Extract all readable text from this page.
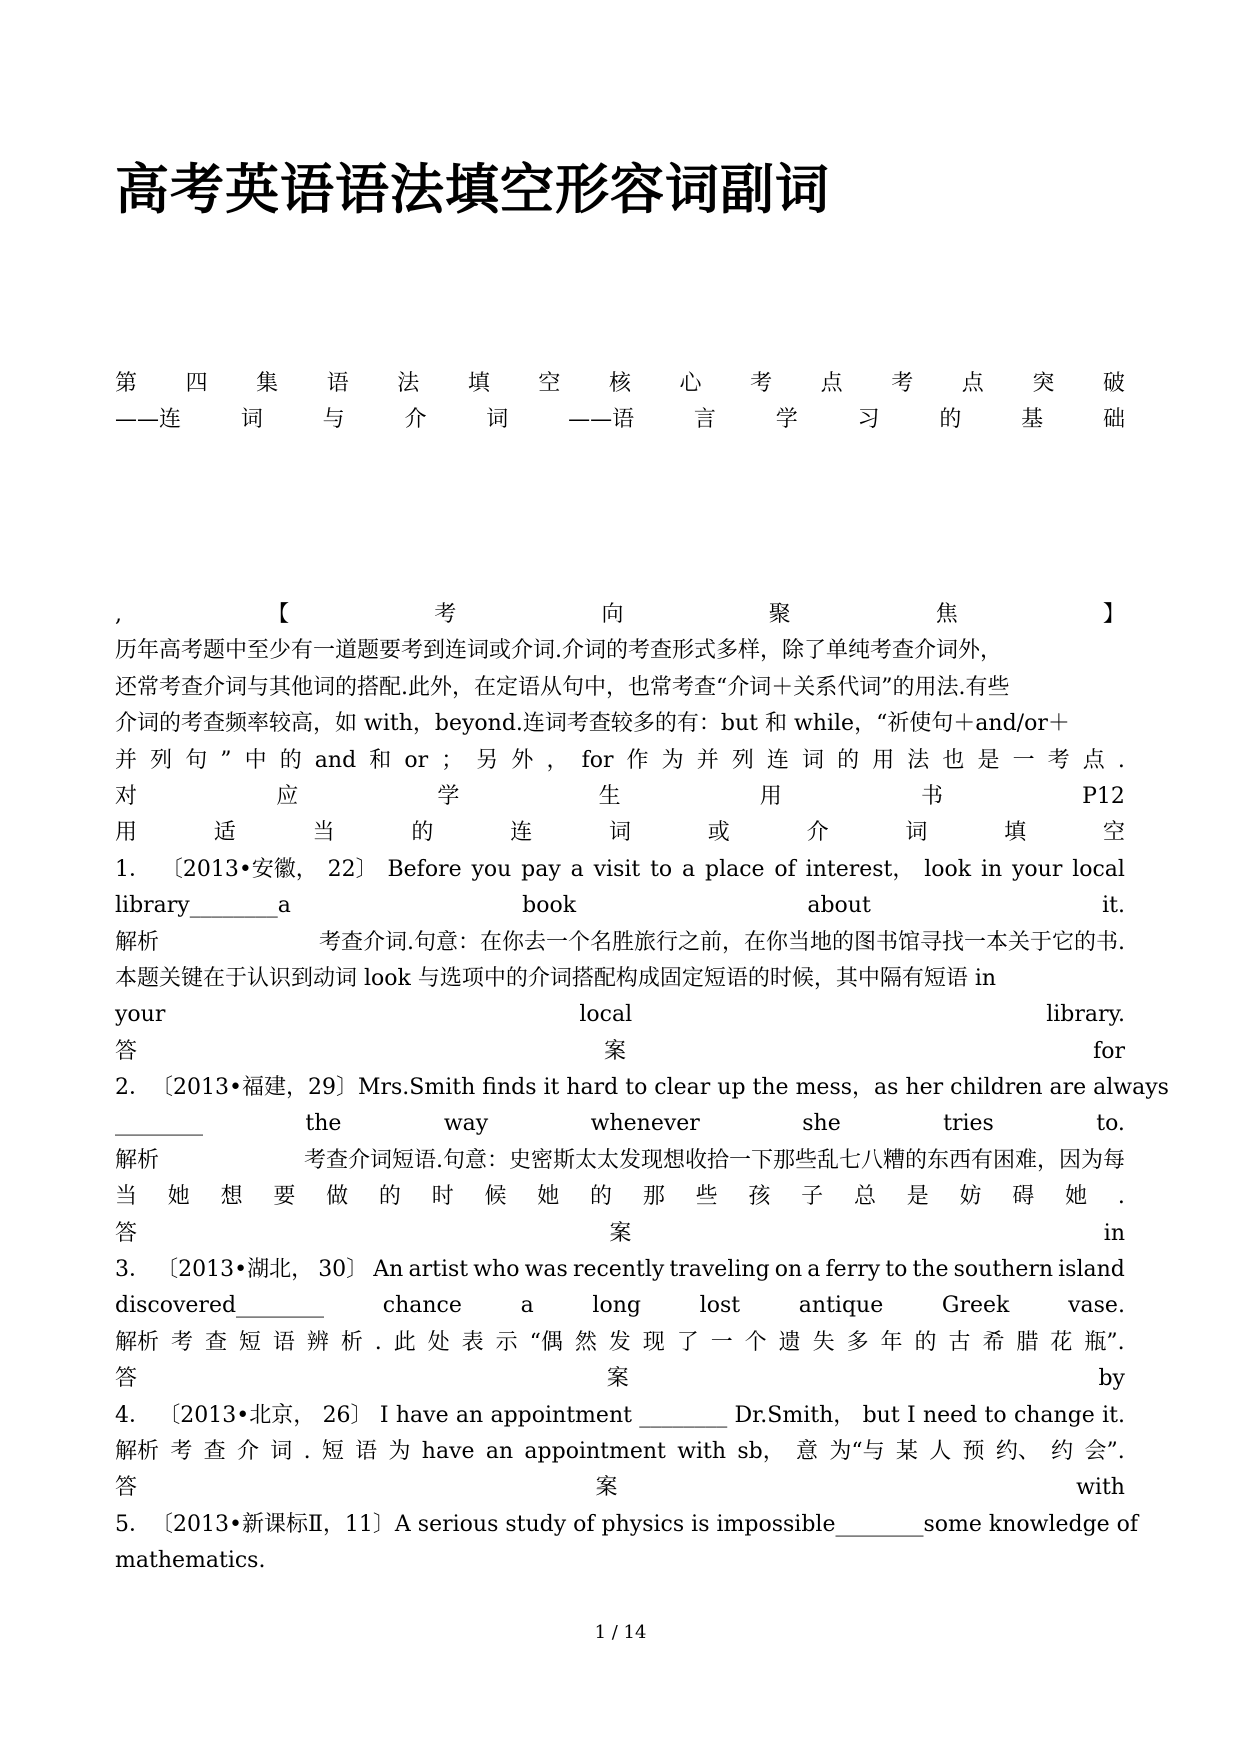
高考英语语法填空形容词副词
第 四 集 语 法 填 空 核 心 考 点 考 点 突 破
——连	词	与	介	词	——语	言	学	习	的	基	础
,	【	考	向	聚	焦	】
历年高考题中至少有一道题要考到连词或介词.介词的考查形式多样，除了单纯考查介词外，
还常考查介词与其他词的搭配.此外，在定语从句中，也常考查“介词＋关系代词”的用法.有些
介词的考查频率较高，如 with，beyond.连词考查较多的有：but 和 while，“祈使句＋and/or＋
并 列 句 ” 中 的 and 和 or ； 另 外 ， for 作 为 并 列 连 词 的 用 法 也 是 一 考 点 .
对	应	学	生	用	书	P12
用	适	当	的	连	词	或	介	词	填	空
1． 〔2013•安徽， 22〕 Before you pay a visit to a place of interest， look in your local
library________a	book	about	it.
解析	考查介词.句意：在你去一个名胜旅行之前，在你当地的图书馆寻找一本关于它的书.
本题关键在于认识到动词 look 与选项中的介词搭配构成固定短语的时候，其中隔有短语 in
your	local	library.
答	案	for
2． 〔2013•福建，29〕 Mrs.Smith finds it hard to clear up the mess， as her children are always
________	the	way	whenever	she	tries	to.
解析	考查介词短语.句意：史密斯太太发现想收拾一下那些乱七八糟的东西有困难，因为每
当 她 想 要 做 的 时 候 她 的 那 些 孩 子 总 是 妨 碍 她 .
答	案	in
3． 〔2013•湖北， 30〕 An artist who was recently traveling on a ferry to the southern island
discovered________	chance	a	long	lost	antique	Greek	vase.
解析 考 查 短 语 辨 析 . 此 处 表 示 “偶 然 发 现 了 一 个 遗 失 多 年 的 古 希 腊 花 瓶”.
答	案	by
4． 〔2013•北京， 26〕 I have an appointment ________ Dr.Smith， but I need to change it.
解析 考 查 介 词 . 短 语 为 have an appointment with sb， 意 为“与 某 人 预 约、 约 会”.
答	案	with
5． 〔2013•新课标Ⅱ，11〕 A serious study of physics is impossible________some knowledge of
mathematics.
1 / 14
